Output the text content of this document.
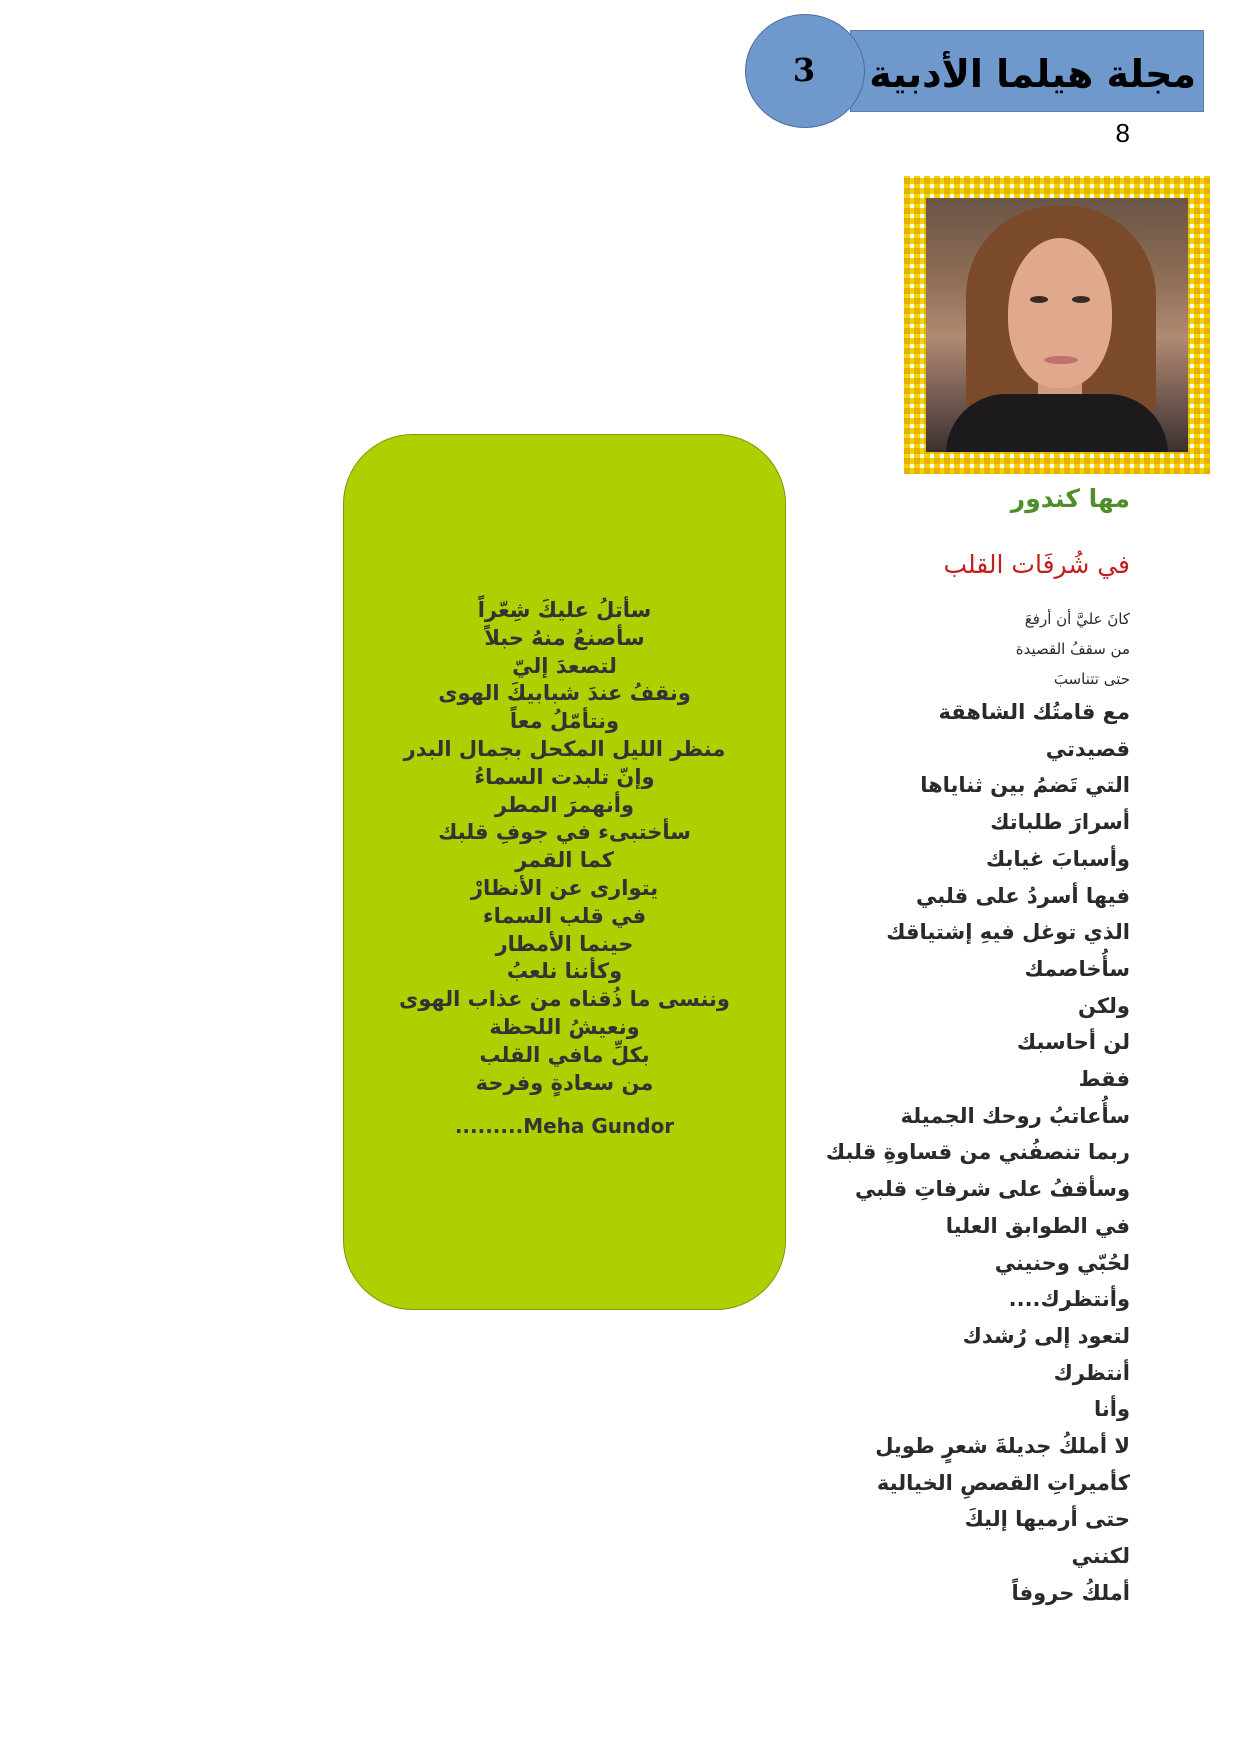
مجلة هيلما الأدبية
3
8
مها كندور
في شُرفَات القلب
كانَ عليَّ أن أرفعَ
من سقفُ القصيدة
حتى تتناسبَ
مع قامتُك الشاهقة
قصيدتي
التي تَضمُ بين ثناياها
أسرارَ طلباتك
وأسبابَ غيابك
فيها أسردُ على قلبي
الذي توغل فيهِ إشتياقك
سأُخاصمك
ولكن
لن أحاسبك
فقط
سأُعاتبُ روحك الجميلة
ربما تنصفُني من قساوةِ قلبك
وسأقفُ على شرفاتِ قلبي
في الطوابق العليا
لحُبّي وحنيني
وأنتظرك....
لتعود إلى رُشدك
أنتظرك
وأنا
لا أملكُ جديلةَ شعرٍ طويل
كأميراتِ القصصِ الخيالية
حتى أرميها إليكَ
لكنني
أملكُ حروفاً
سأتلُ عليكَ شِعّراً
سأصنعُ منهُ حبلاً
لتصعدَ إليّ
ونقفُ عندَ شبابيكَ الهوى
ونتأمّلُ معاً
منظر الليل المكحل بجمال البدر
وإنّ تلبدت السماءُ
وأنهمرَ المطر
سأختبىء في جوفِ قلبك
كما القمر
يتوارى عن الأنظارْ
في قلب السماء
حينما الأمطار
وكأننا نلعبُ
وننسى ما ذُقناه من عذاب الهوى
ونعيشُ اللحظة
بكلِّ مافي القلب
من سعادةٍ وفرحة
.........Meha Gundor
